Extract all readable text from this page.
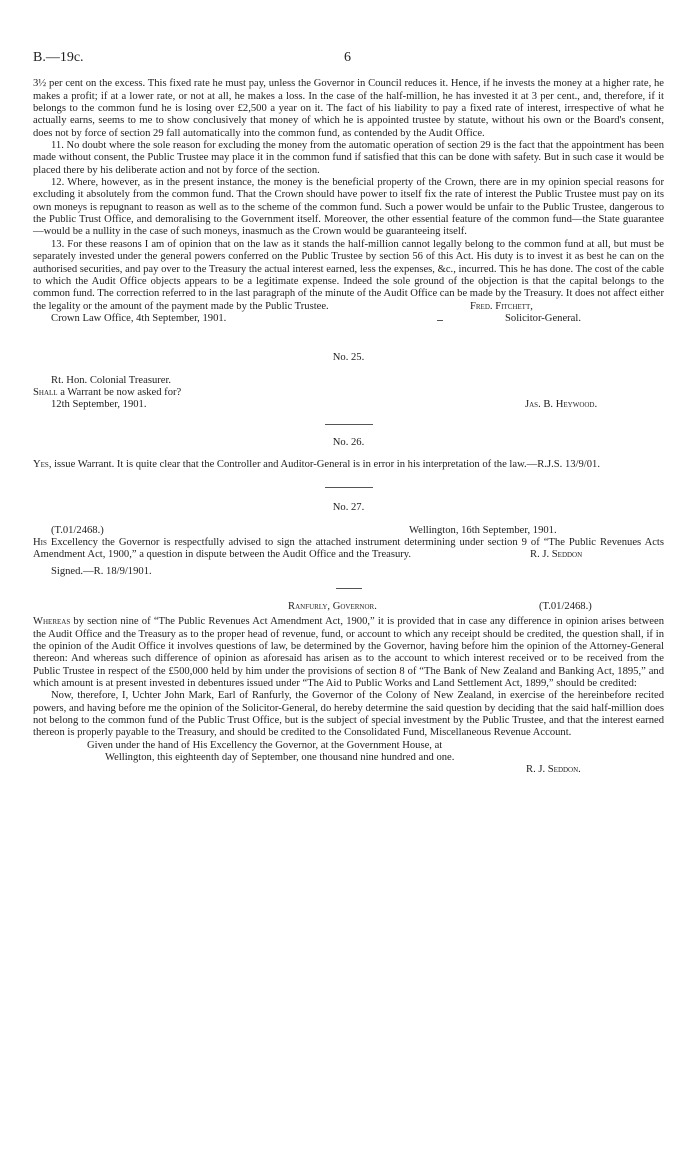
B.—19c.	6

3½ per cent on the excess. This fixed rate he must pay, unless the Governor in Council reduces it. Hence, if he invests the money at a higher rate, he makes a profit; if at a lower rate, or not at all, he makes a loss. In the case of the half-million, he has invested it at 3 per cent., and, therefore, if it belongs to the common fund he is losing over £2,500 a year on it. The fact of his liability to pay a fixed rate of interest, irrespective of what he actually earns, seems to me to show conclusively that money of which he is appointed trustee by statute, without his own or the Board's consent, does not by force of section 29 fall automatically into the common fund, as contended by the Audit Office.

11. No doubt where the sole reason for excluding the money from the automatic operation of section 29 is the fact that the appointment has been made without consent, the Public Trustee may place it in the common fund if satisfied that this can be done with safety. But in such case it would be placed there by his deliberate action and not by force of the section.

12. Where, however, as in the present instance, the money is the beneficial property of the Crown, there are in my opinion special reasons for excluding it absolutely from the common fund. That the Crown should have power to itself fix the rate of interest the Public Trustee must pay on its own moneys is repugnant to reason as well as to the scheme of the common fund. Such a power would be unfair to the Public Trustee, dangerous to the Public Trust Office, and demoralising to the Government itself. Moreover, the other essential feature of the common fund—the State guarantee—would be a nullity in the case of such moneys, inasmuch as the Crown would be guaranteeing itself.

13. For these reasons I am of opinion that on the law as it stands the half-million cannot legally belong to the common fund at all, but must be separately invested under the general powers conferred on the Public Trustee by section 56 of this Act. His duty is to invest it as best he can on the authorised securities, and pay over to the Treasury the actual interest earned, less the expenses, &c., incurred. This he has done. The cost of the cable to which the Audit Office objects appears to be a legitimate expense. Indeed the sole ground of the objection is that the capital belongs to the common fund. The correction referred to in the last paragraph of the minute of the Audit Office can be made by the Treasury. It does not affect either the legality or the amount of the payment made by the Public Trustee.	Fred. Fitchett,
Crown Law Office, 4th September, 1901.	Solicitor-General.
No. 25.
Rt. Hon. Colonial Treasurer.
Shall a Warrant be now asked for?
12th September, 1901.	Jas. B. Heywood.
No. 26.

Yes, issue Warrant. It is quite clear that the Controller and Auditor-General is in error in his interpretation of the law.—R.J.S. 13/9/01.

No. 27.
(T.01/2468.)	Wellington, 16th September, 1901.

His Excellency the Governor is respectfully advised to sign the attached instrument determining under section 9 of “The Public Revenues Acts Amendment Act, 1900,” a question in dispute between the Audit Office and the Treasury.	R. J. Seddon
Signed.—R. 18/9/1901.
Ranfurly, Governor.	(T.01/2468.)

Whereas by section nine of “The Public Revenues Act Amendment Act, 1900,” it is provided that in case any difference in opinion arises between the Audit Office and the Treasury as to the proper head of revenue, fund, or account to which any receipt should be credited, the question shall, if in the opinion of the Audit Office it involves questions of law, be determined by the Governor, having before him the opinion of the Attorney-General thereon: And whereas such difference of opinion as aforesaid has arisen as to the account to which interest received or to be received from the Public Trustee in respect of the £500,000 held by him under the provisions of section 8 of “The Bank of New Zealand and Banking Act, 1895,” and which amount is at present invested in debentures issued under “The Aid to Public Works and Land Settlement Act, 1899,” should be credited:

Now, therefore, I, Uchter John Mark, Earl of Ranfurly, the Governor of the Colony of New Zealand, in exercise of the hereinbefore recited powers, and having before me the opinion of the Solicitor-General, do hereby determine the said question by deciding that the said half-million does not belong to the common fund of the Public Trust Office, but is the subject of special investment by the Public Trustee, and that the interest earned thereon is properly payable to the Treasury, and should be credited to the Consolidated Fund, Miscellaneous Revenue Account.

Given under the hand of His Excellency the Governor, at the Government House, at

Wellington, this eighteenth day of September, one thousand nine hundred and one.
R. J. Seddon.
